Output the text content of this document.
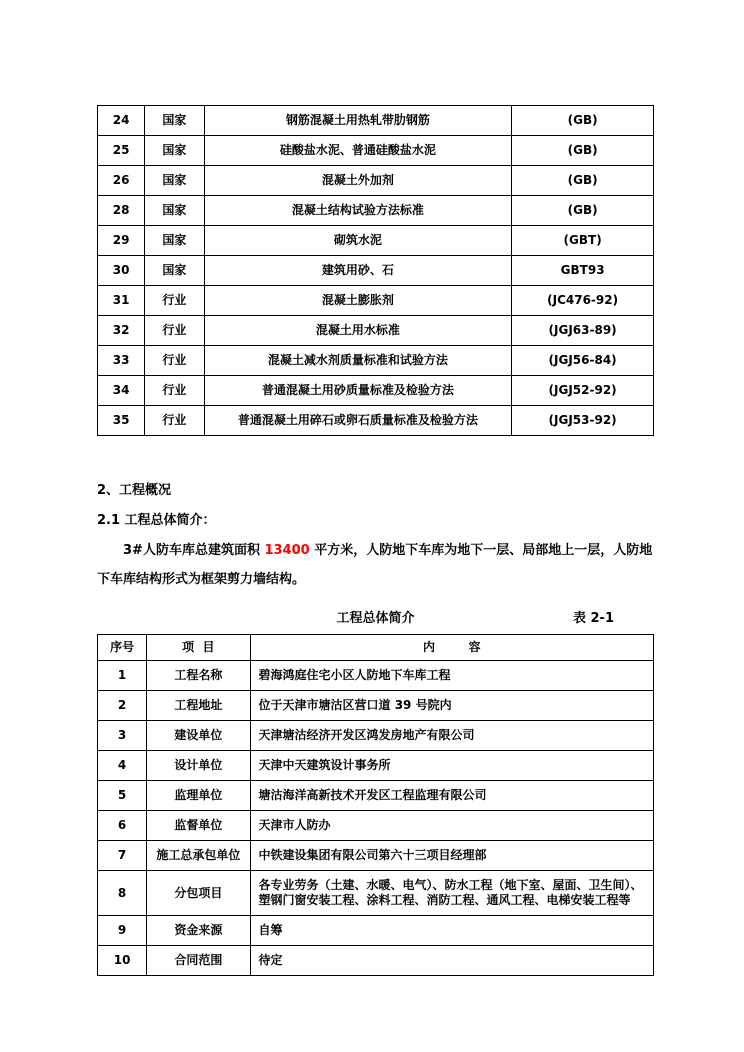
24	国家	钢筋混凝土用热轧带肋钢筋	(GB)
25	国家	硅酸盐水泥、普通硅酸盐水泥	(GB)
26	国家	混凝土外加剂	(GB)
28	国家	混凝土结构试验方法标准	(GB)
29	国家	砌筑水泥	(GBT)
30	国家	建筑用砂、石	GBT93
31	行业	混凝土膨胀剂	(JC476-92)
32	行业	混凝土用水标准	(JGJ63-89)
33	行业	混凝土减水剂质量标准和试验方法	(JGJ56-84)
34	行业	普通混凝土用砂质量标准及检验方法	(JGJ52-92)
35	行业	普通混凝土用碎石或卵石质量标准及检验方法	(JGJ53-92)
2、工程概况
2.1 工程总体简介：

3#人防车库总建筑面积 13400 平方米，人防地下车库为地下一层、局部地上一层，人防地下车库结构形式为框架剪力墙结构。

工程总体简介	表 2-1
序号	项  目	内        容
1	工程名称	碧海鸿庭住宅小区人防地下车库工程
2	工程地址	位于天津市塘沽区营口道 39 号院内
3	建设单位	天津塘沽经济开发区鸿发房地产有限公司
4	设计单位	天津中天建筑设计事务所
5	监理单位	塘沽海洋高新技术开发区工程监理有限公司
6	监督单位	天津市人防办
7	施工总承包单位	中铁建设集团有限公司第六十三项目经理部
8	分包项目	各专业劳务（土建、水暖、电气）、防水工程（地下室、屋面、卫生间）、塑钢门窗安装工程、涂料工程、消防工程、通风工程、电梯安装工程等
9	资金来源	自筹
10	合同范围	待定
